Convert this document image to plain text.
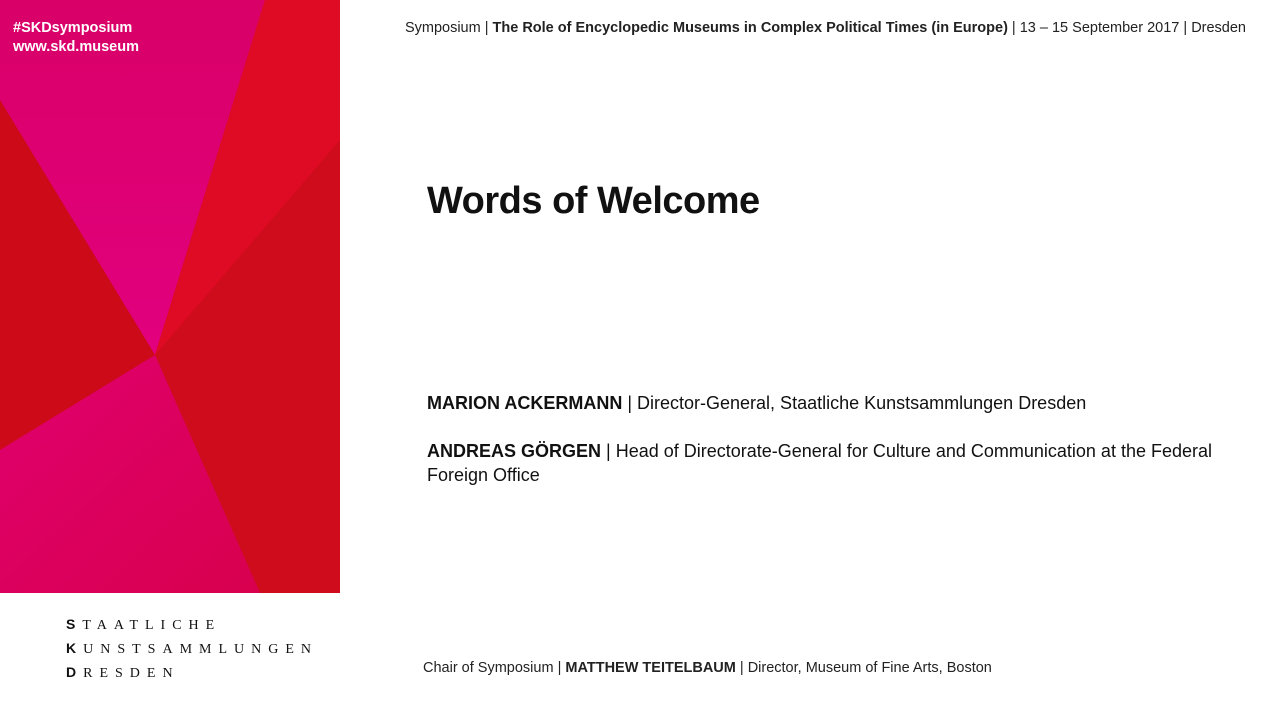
#SKDsymposium
www.skd.museum
Symposium | The Role of Encyclopedic Museums in Complex Political Times (in Europe) | 13 – 15 September 2017 | Dresden
Words of Welcome
MARION ACKERMANN | Director-General, Staatliche Kunstsammlungen Dresden
ANDREAS GÖRGEN | Head of Directorate-General for Culture and Communication at the Federal Foreign Office
STAATLICHE
KUNSTSAMMLUNGEN
DRESDEN	Chair of Symposium | MATTHEW TEITELBAUM | Director, Museum of Fine Arts, Boston
